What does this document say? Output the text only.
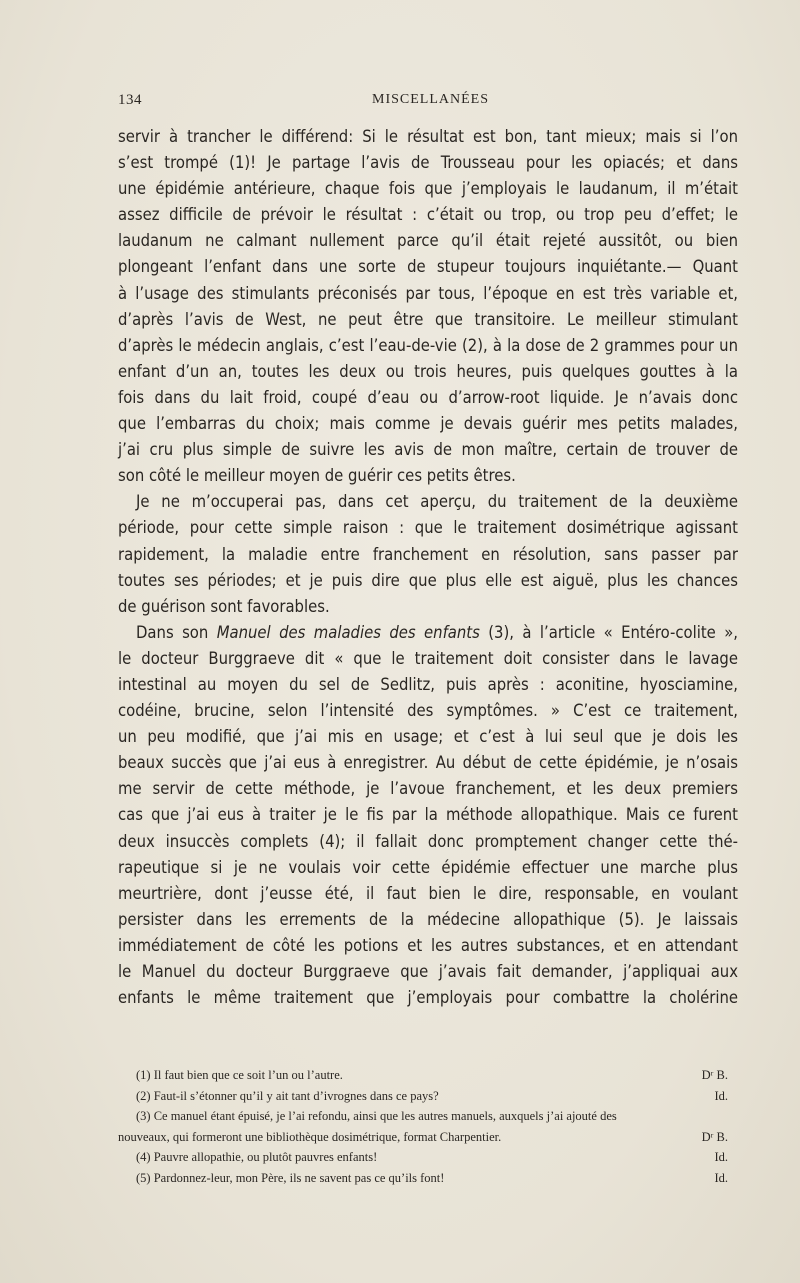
134	MISCELLANÉES
servir à trancher le différend: Si le résultat est bon, tant mieux; mais si l’on
s’est trompé (1)! Je partage l’avis de Trousseau pour les opiacés; et dans
une épidémie antérieure, chaque fois que j’employais le laudanum, il m’était
assez difficile de prévoir le résultat : c’était ou trop, ou trop peu d’effet; le
laudanum ne calmant nullement parce qu’il était rejeté aussitôt, ou bien
plongeant l’enfant dans une sorte de stupeur toujours inquiétante.— Quant
à l’usage des stimulants préconisés par tous, l’époque en est très variable et,
d’après l’avis de West, ne peut être que transitoire. Le meilleur stimulant
d’après le médecin anglais, c’est l’eau-de-vie (2), à la dose de 2 grammes pour un
enfant d’un an, toutes les deux ou trois heures, puis quelques gouttes à la
fois dans du lait froid, coupé d’eau ou d’arrow-root liquide. Je n’avais donc
que l’embarras du choix; mais comme je devais guérir mes petits malades,
j’ai cru plus simple de suivre les avis de mon maître, certain de trouver de
son côté le meilleur moyen de guérir ces petits êtres.
Je ne m’occuperai pas, dans cet aperçu, du traitement de la deuxième
période, pour cette simple raison : que le traitement dosimétrique agissant
rapidement, la maladie entre franchement en résolution, sans passer par
toutes ses périodes; et je puis dire que plus elle est aiguë, plus les chances
de guérison sont favorables.
Dans son Manuel des maladies des enfants (3), à l’article « Entéro-colite »,
le docteur Burggraeve dit « que le traitement doit consister dans le lavage
intestinal au moyen du sel de Sedlitz, puis après : aconitine, hyosciamine,
codéine, brucine, selon l’intensité des symptômes. » C’est ce traitement,
un peu modifié, que j’ai mis en usage; et c’est à lui seul que je dois les
beaux succès que j’ai eus à enregistrer. Au début de cette épidémie, je n’osais
me servir de cette méthode, je l’avoue franchement, et les deux premiers
cas que j’ai eus à traiter je le fis par la méthode allopathique. Mais ce furent
deux insuccès complets (4); il fallait donc promptement changer cette thé-
rapeutique si je ne voulais voir cette épidémie effectuer une marche plus
meurtrière, dont j’eusse été, il faut bien le dire, responsable, en voulant
persister dans les errements de la médecine allopathique (5). Je laissais
immédiatement de côté les potions et les autres substances, et en attendant
le Manuel du docteur Burggraeve que j’avais fait demander, j’appliquai aux
enfants le même traitement que j’employais pour combattre la cholérine
(1) Il faut bien que ce soit l’un ou l’autre.	Dʳ B.
(2) Faut-il s’étonner qu’il y ait tant d’ivrognes dans ce pays?	Id.
(3) Ce manuel étant épuisé, je l’ai refondu, ainsi que les autres manuels, auxquels j’ai ajouté des
nouveaux, qui formeront une bibliothèque dosimétrique, format Charpentier.	Dʳ B.
(4) Pauvre allopathie, ou plutôt pauvres enfants!	Id.
(5) Pardonnez-leur, mon Père, ils ne savent pas ce qu’ils font!	Id.
